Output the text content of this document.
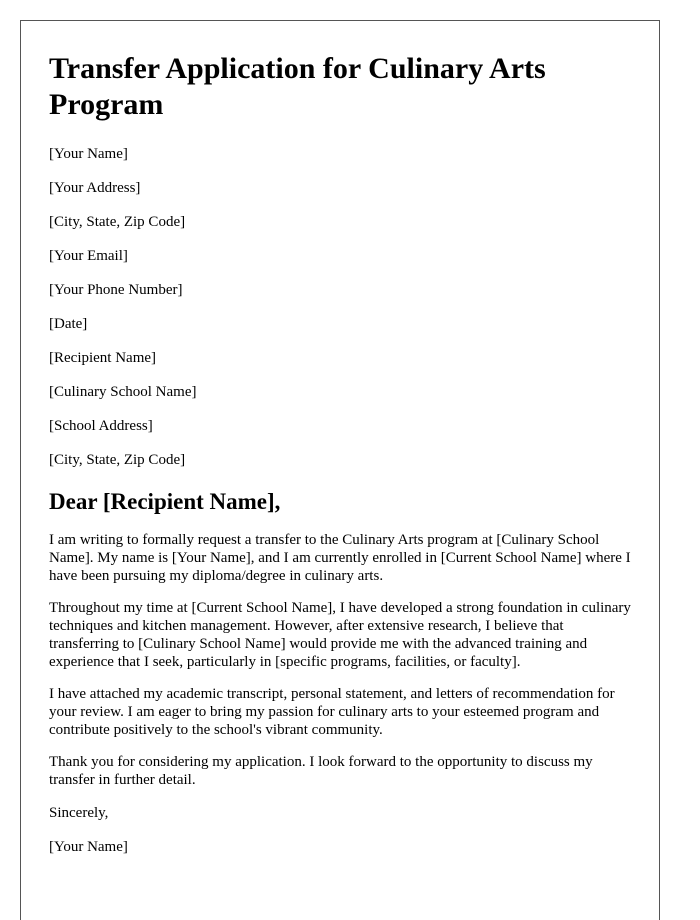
Transfer Application for Culinary Arts Program

[Your Name]

[Your Address]

[City, State, Zip Code]

[Your Email]

[Your Phone Number]

[Date]

[Recipient Name]

[Culinary School Name]

[School Address]

[City, State, Zip Code]

Dear [Recipient Name],

I am writing to formally request a transfer to the Culinary Arts program at [Culinary School Name]. My name is [Your Name], and I am currently enrolled in [Current School Name] where I have been pursuing my diploma/degree in culinary arts.

Throughout my time at [Current School Name], I have developed a strong foundation in culinary techniques and kitchen management. However, after extensive research, I believe that transferring to [Culinary School Name] would provide me with the advanced training and experience that I seek, particularly in [specific programs, facilities, or faculty].

I have attached my academic transcript, personal statement, and letters of recommendation for your review. I am eager to bring my passion for culinary arts to your esteemed program and contribute positively to the school's vibrant community.

Thank you for considering my application. I look forward to the opportunity to discuss my transfer in further detail.

Sincerely,

[Your Name]
